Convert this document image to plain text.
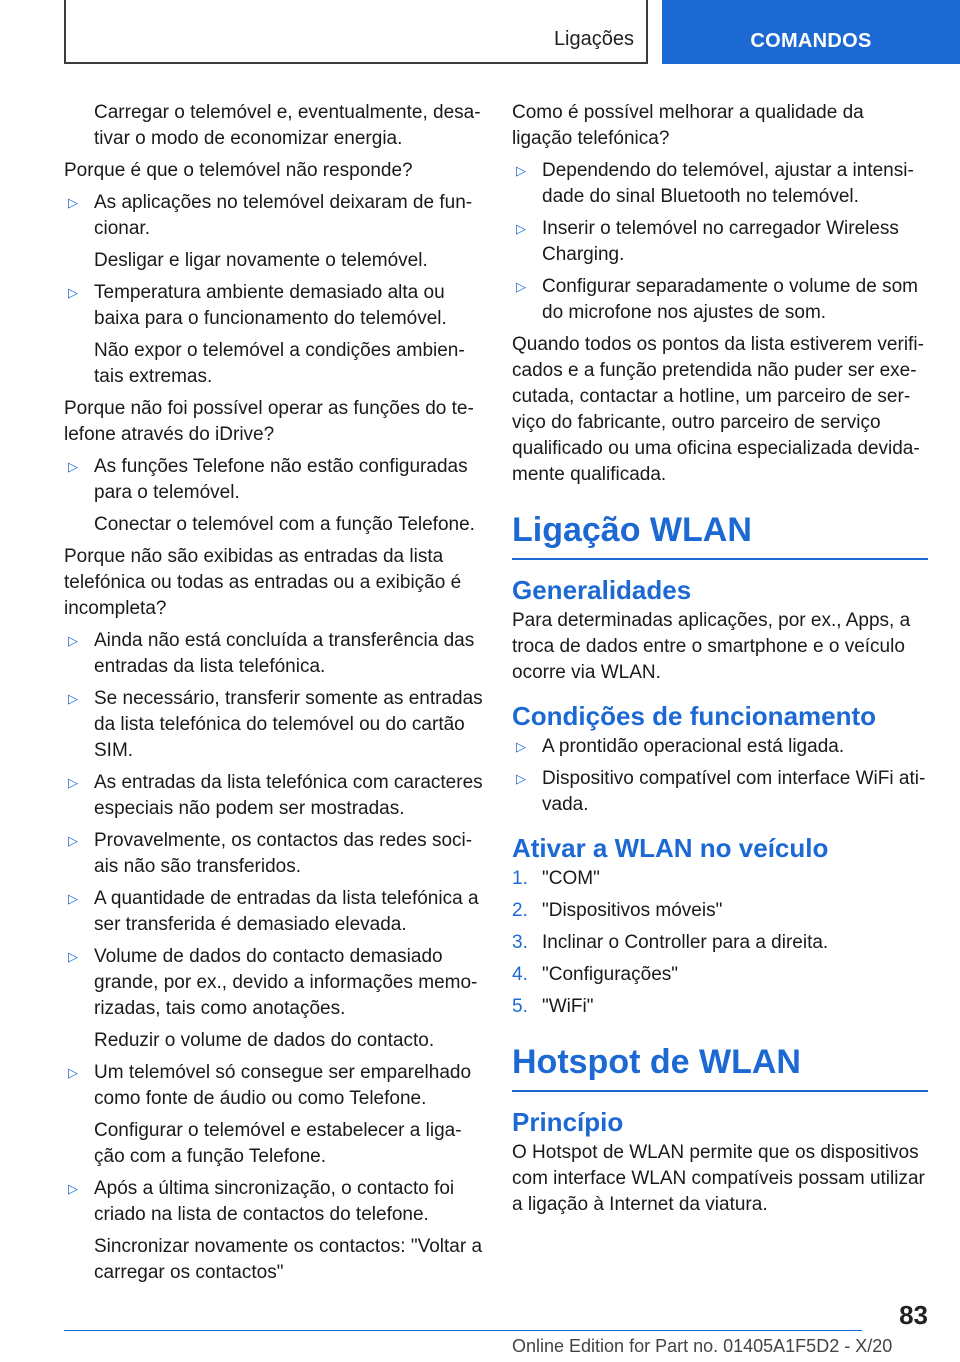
Ligações	COMANDOS

Carregar o telemóvel e, eventualmente, desativar o modo de economizar energia.

Porque é que o telemóvel não responde?

▷ As aplicações no telemóvel deixaram de funcionar.
Desligar e ligar novamente o telemóvel.
▷ Temperatura ambiente demasiado alta ou baixa para o funcionamento do telemóvel.
Não expor o telemóvel a condições ambientais extremas.

Porque não foi possível operar as funções do telefone através do iDrive?

▷ As funções Telefone não estão configuradas para o telemóvel.
Conectar o telemóvel com a função Telefone.

Porque não são exibidas as entradas da lista telefónica ou todas as entradas ou a exibição é incompleta?

▷ Ainda não está concluída a transferência das entradas da lista telefónica.
▷ Se necessário, transferir somente as entradas da lista telefónica do telemóvel ou do cartão SIM.
▷ As entradas da lista telefónica com caracteres especiais não podem ser mostradas.
▷ Provavelmente, os contactos das redes sociais não são transferidos.
▷ A quantidade de entradas da lista telefónica a ser transferida é demasiado elevada.
▷ Volume de dados do contacto demasiado grande, por ex., devido a informações memorizadas, tais como anotações.
Reduzir o volume de dados do contacto.
▷ Um telemóvel só consegue ser emparelhado como fonte de áudio ou como Telefone.
Configurar o telemóvel e estabelecer a ligação com a função Telefone.
▷ Após a última sincronização, o contacto foi criado na lista de contactos do telefone.
Sincronizar novamente os contactos: "Voltar a carregar os contactos"

Como é possível melhorar a qualidade da ligação telefónica?

▷ Dependendo do telemóvel, ajustar a intensidade do sinal Bluetooth no telemóvel.
▷ Inserir o telemóvel no carregador Wireless Charging.
▷ Configurar separadamente o volume de som do microfone nos ajustes de som.

Quando todos os pontos da lista estiverem verificados e a função pretendida não puder ser executada, contactar a hotline, um parceiro de serviço do fabricante, outro parceiro de serviço qualificado ou uma oficina especializada devidamente qualificada.

Ligação WLAN
Generalidades

Para determinadas aplicações, por ex., Apps, a troca de dados entre o smartphone e o veículo ocorre via WLAN.

Condições de funcionamento
▷ A prontidão operacional está ligada.
▷ Dispositivo compatível com interface WiFi ativada.
Ativar a WLAN no veículo
1. "COM"
2. "Dispositivos móveis"
3. Inclinar o Controller para a direita.
4. "Configurações"
5. "WiFi"
Hotspot de WLAN
Princípio

O Hotspot de WLAN permite que os dispositivos com interface WLAN compatíveis possam utilizar a ligação à Internet da viatura.

83
Online Edition for Part no. 01405A1F5D2 - X/20
